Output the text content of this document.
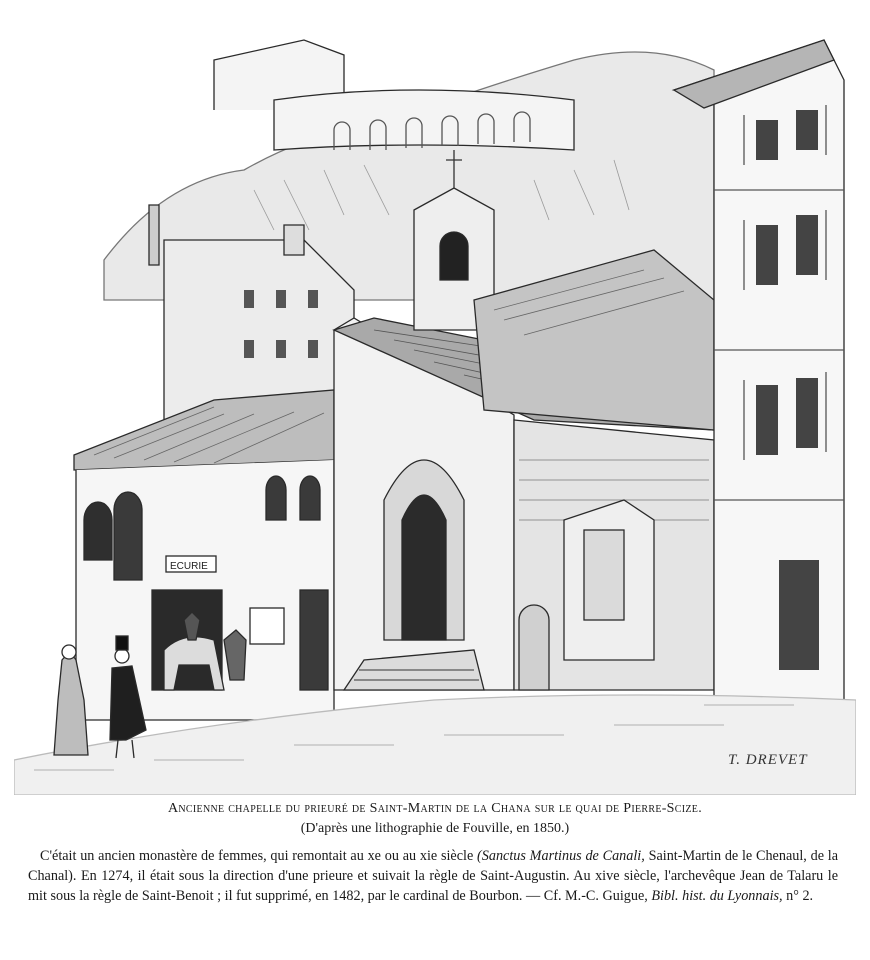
ECURIE
T. DREVET
Ancienne chapelle du prieuré de Saint-Martin de la Chana sur le quai de Pierre-Scize.
(D'après une lithographie de Fouville, en 1850.)

C'était un ancien monastère de femmes, qui remontait au xe ou au xie siècle (Sanctus Martinus de Canali, Saint-Martin de le Chenaul, de la Chanal). En 1274, il était sous la direction d'une prieure et suivait la règle de Saint-Augustin. Au xive siècle, l'archevêque Jean de Talaru le mit sous la règle de Saint-Benoit ; il fut supprimé, en 1482, par le cardinal de Bourbon. — Cf. M.-C. Guigue, Bibl. hist. du Lyonnais, n° 2.
